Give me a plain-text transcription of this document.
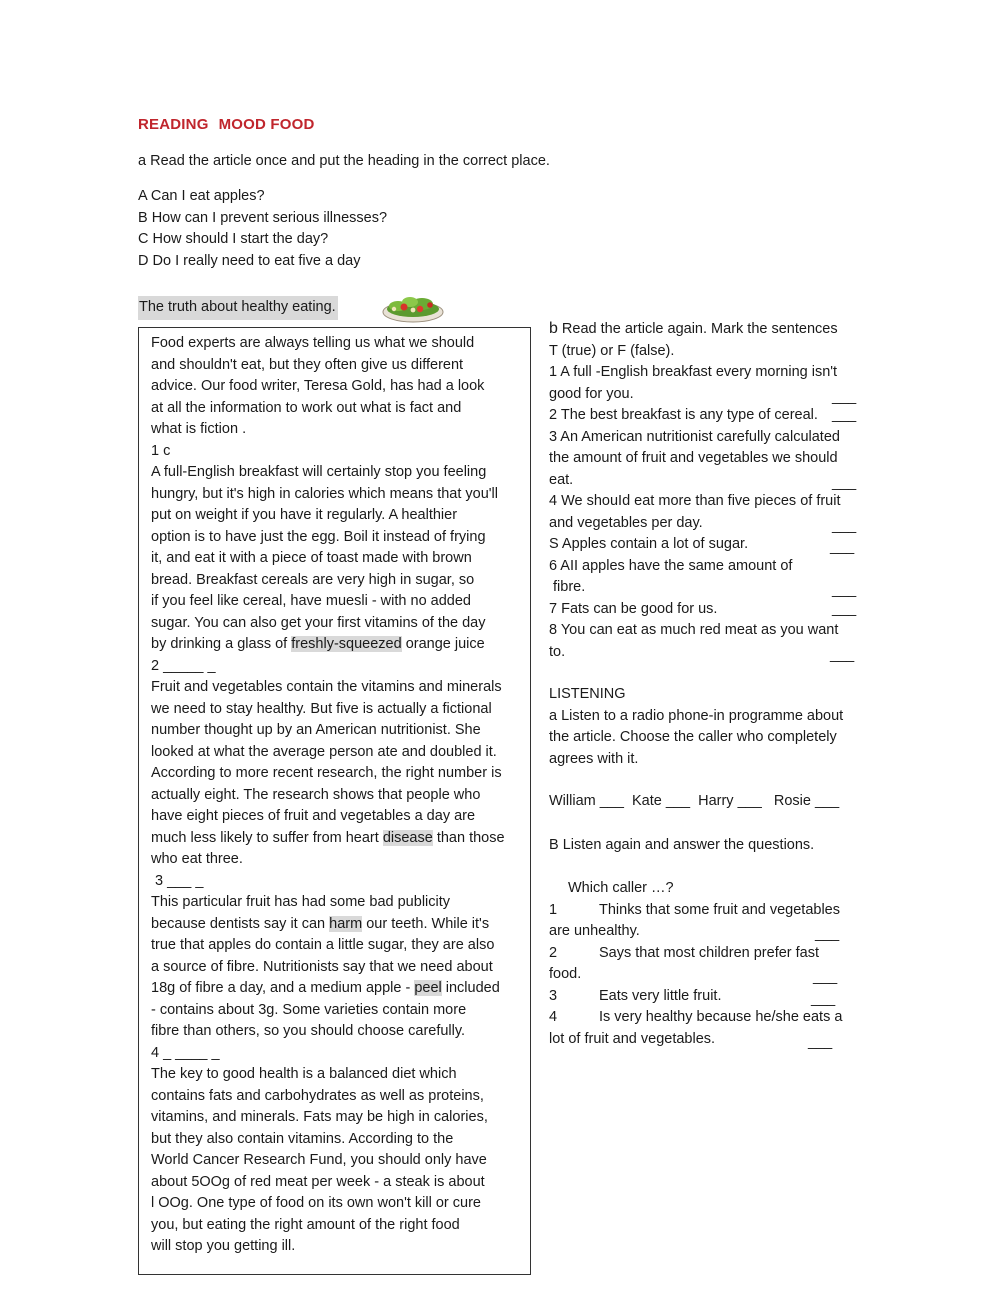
READING MOOD FOOD
a Read the article once and put the heading in the correct place.
A Can I eat apples?
B How can I prevent serious illnesses?
C How should I start the day?
D Do I really need to eat five a day
The truth about healthy eating.
Food experts are always telling us what we should
and shouldn't eat, but they often give us different
advice. Our food writer, Teresa Gold, has had a look
at all the information to work out what is fact and
what is fiction .
1 c
A full-English breakfast will certainly stop you feeling
hungry, but it's high in calories which means that you'll
put on weight if you have it regularly. A healthier
option is to have just the egg. Boil it instead of frying
it, and eat it with a piece of toast made with brown
bread. Breakfast cereals are very high in sugar, so
if you feel like cereal, have muesli - with no added
sugar. You can also get your first vitamins of the day
by drinking a glass of freshly-squeezed orange juice
2 _____ _
Fruit and vegetables contain the vitamins and minerals
we need to stay healthy. But five is actually a fictional
number thought up by an American nutritionist. She
looked at what the average person ate and doubled it.
According to more recent research, the right number is
actually eight. The research shows that people who
have eight pieces of fruit and vegetables a day are
much less likely to suffer from heart disease than those
who eat three.
3 ___ _
This particular fruit has had some bad publicity
because dentists say it can harm our teeth. While it's
true that apples do contain a little sugar, they are also
a source of fibre. Nutritionists say that we need about
18g of fibre a day, and a medium apple - peel included
- contains about 3g. Some varieties contain more
fibre than others, so you should choose carefully.
4 _ ____ _
The key to good health is a balanced diet which
contains fats and carbohydrates as well as proteins,
vitamins, and minerals. Fats may be high in calories,
but they also contain vitamins. According to the
World Cancer Research Fund, you should only have
about 5OOg of red meat per week - a steak is about
l OOg. One type of food on its own won't kill or cure
you, but eating the right amount of the right food
will stop you getting ill.
b Read the article again. Mark the sentences
T (true) or F (false).
1 A full -English breakfast every morning isn't
good for you.	___
2 The best breakfast is any type of cereal. ___
3 An American nutritionist carefully calculated
the amount of fruit and vegetables we should
eat.	___
4 We shouId eat more than five pieces of fruit
and vegetables per day.	___
S Apples contain a lot of sugar.	___
6 AII apples have the same amount of
fibre.	___
7 Fats can be good for us.	___
8 You can eat as much red meat as you want
to.	___
LISTENING
a Listen to a radio phone-in programme about
the article. Choose the caller who completely
agrees with it.
William ___  Kate ___  Harry ___   Rosie ___
B Listen again and answer the questions.
Which caller …?
1	Thinks that some fruit and vegetables
are unhealthy.	___
2	Says that most children prefer fast
food.	___
3	Eats very little fruit.	___
4	Is very healthy because he/she eats a
lot of fruit and vegetables.	___
